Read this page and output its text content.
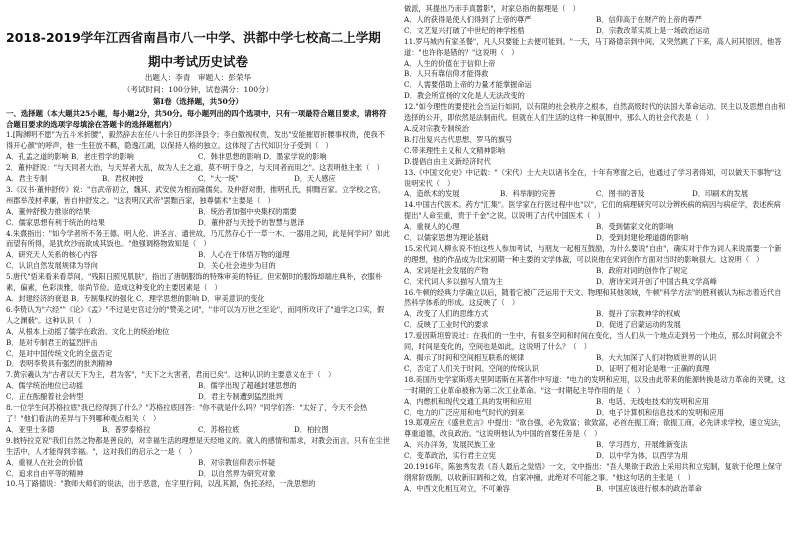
2018-2019学年江西省南昌市八一中学、洪都中学七校高二上学期
期中考试历史试卷
出题人：李青　审题人：彭荣华
（考试时间：100分钟，试卷满分：100分）
第Ⅰ卷（选择题，共50分）
一、选择题（本大题共25小题，每小题2分，共50分。每小题列出的四个选项中，只有一项最符合题目要求，请将符合题目要求的选项字母填涂在答题卡的选择题框内）

1.[陶渊明不愿"为五斗米折腰"，毅然辞去在任八十余日的彭泽县令；李白傲视权贵，发出"安能摧眉折腰事权贵，使我不得开心颜"的呼声，他一生狂放不羁，隐逸江湖，以保持人格的独立。这体现了古代知识分子受到（　）

A．孔孟之道的影响 B．老庄哲学的影响	C．韩非思想的影响 D．墨家学说的影响

2．董仲舒说："与天同者大治，与天异者大乱，故为人主之道，莫不明于身之，与天同者而用之"。这表明他主张（　）

A．君主专制	B．君权神授	C．"大一统"	D．天人感应

3.《汉书·董仲舒传》说："自武帝初立，魏其、武安侯为相而隆儒矣。及仲舒对册，推明孔氏，抑黜百家。立学校之官，州郡举茂材孝廉，皆自仲舒发之。"这表明汉武帝"罢黜百家，独尊儒术"主要是（　）

A．董仲舒极力推崇的结果	B．统治者加强中央集权的需要
C．儒家思想有利于统治的结果	D．董仲舒与天授予的智慧与恩泽

4.朱熹指出："如今学者所不务王德、明人伦、讲圣言、通世故，乃兀然存心于一草一木、一器用之间，此是何学问？如此而望有所得，是犹炊沙而欲成其饭也。"他强调格物致知是（　）

A．研究天人关系的核心内容	B．人心在于体悟万物的道理
C．认识自然发展规律为导向	D．关心社会进步为目的

5.唐代"悟来看来看草间，"残阳日照见肌肤"，指出了唐朝服饰的特殊审美的特征。但宋朝时的服饰却端庄典朴，衣服朴素，偏素，色彩淡雅，崇尚节俭。造成这种变化的主要因素是（　）

A．封建经济的衰退 B．专制集权的强化 C．理学思想的影响 D．审美意识的变化

6.李贽认为"六经""《论》《孟》"不过是史官过分的"赞美之词"，"非可以为万世之至论"，而同所攻讦了"道学之口实，假人之渊薮"。这种认识（　）

A．从根本上动摇了儒学在政治、文化上的统治地位
B．是对专制君王的猛烈抨击
C．是对中国传统文化的全盘否定
D．表明李贽具有强烈的批判精神

7.黄宗羲认为"古者以天下为主，君为客"，"天下之大害者，君而已矣"。这种认识的主要意义在于（　）

A．儒学统治地位已动摇	B．儒学出现了超越封建思想的
C．正在酝酿着社会转型	D．君主专制遭到猛烈批判

8.一位学生问苏格拉底"我已经得到了什么？"苏格拉底回答："你不就是什么吗？"同学们答："太好了，今天不会热了！"他们看法的差异与下列哪种观点相关（　）

A．亚里士多德	B．普罗泰格拉	C．苏格拉底	D．柏拉图

9.彼特拉克说"我们自然之物都是善良的，对幸福生活的理想是天经地义的。就人的感情和需求，对教会而言，只有在尘世生活中，人才能得到幸福。"，这对我们的启示之一是（　）

A．重视人在社会的价值	B．对宗教信仰表示怀疑
C．追求自由平等的精神	D．以自然界为研究对象

10.马丁路德说："教师大师们的说法，出于恶意，在字里行间，以乱其源，伪托圣经，一洗思想的

做派，其提出乃赤手真嚣影"，对家总指的据理是（　）

A．人的获得是使人们得到了上帝的尊严	B．信仰高于在财产的上帝的尊严
C．文艺复兴打破了中世纪的神学桎梏	D．宗教改革实质上是一场政治运动

11.罗马城内有家圣餐"，凡人只要能上去便可能到。"一天，马丁路德亲到中间，又突然跳了下来，高人问其原因，他答道："也许你是错的？"这说明（　）

A．人生的价值在于信仰上帝
B．人只有靠信仰才能得救
C．人需要借助上帝的力量才能掌握命运
D．教会所宣扬的文化是人无法改变的

12."如今理性的要使社会当运行如同，以有限的社会秩序之根本，自然高级时代的法国大革命运动、民主以及思想自由和选择的公开，即依然是法制而代。但就在人们生活的这样一种氛围中，那么人的社会代表是（　）

A.反对宗教专制统治
B.打出复兴古代思想、罗马的旗号
C.带来理性主义和人文精神影响
D.提倡自由主义新经济时代

13.《中国文化史》中记载："（宋代）士大夫以诸书全在，十年有寒窗之后，也通过了学习者得知，可以做天下事物"这说明宋代（　）

A．造纸术的发展	B．科举制的完善	C．图书的普及	D．印刷术的发展

14.中国古代医术。药方"汇集"。医学家在行医过程中也"以"，它们的病理研究可以分辨疾病的病因与病症学，表述疾病提出"人命至重，贵于千金"之说，以说明了古代中国医术（　）

A．重视人的心理	B．受到儒家文化的影响
C．以儒家思想为理论基础	D．受到封建伦理道德的影响

15.宋代词人柳永说不怕这些人参加考试，与朋友一起相互鼓励，为什么要说"自由"，确实对于作为词人来说需要一个新的理想，他的作品成为北宋初期一种主要的文学体裁，可以说他在宋词创作方面对当时的影响很大。这说明（　）

A．宋词是社会发展的产物	B．政府对词的创作作了规定
C．宋代词人多以描写人情为主	D．唐诗宋词开创了中国古典文学高峰

16.牛顿的经典力学确立以后，随着它被广泛运用于天文、物理和其他领域，牛顿"科学方法"的胜利被认为标志着近代自然科学体系的形成。这反映了（　）

A．改变了人们的思维方式	B．提升了宗教神学的权威
C．反映了工业时代的要求	D．促进了启蒙运动的发展

17.爱因斯坦曾说过：在我们的一生中，有很多空间和时间在变化，当人们从一个地点走到另一个地点，那么时间就会不同，时间是变化的，空间也是如此，这说明了什么？（　）

A．揭示了时间和空间相互联系的规律	B．大大加深了人们对物质世界的认识
C．否定了人们关于时间、空间的传统认识	D．证明了相对论是唯一正确的真理

18.美国历史学家斯塔夫里阿诺斯在其著作中写道："电力的发明和应用，以及由此带来的能源转换是动力革命的关键，这一时期的工业革命被称为第二次工业革命。"这一时期起主导作用的是（　）

A．内燃机和现代交通工具的发明和应用	B．电话、无线电技术的发明和应用
C．电力的广泛应用和电气时代的到来	D．电子计算机和信息技术的发明和应用

19.郑观应在《盛世危言》中提出："欲自强，必先致富；欲致富，必首在振工商；欲振工商，必先讲求学校，速立宪法，尊重道德，改良政治。"这说明他认为中国的首要任务是（　）

A．兴办洋务，发展民族工业	B．学习西方，开展维新变法
C．变革政治，实行君主立宪	D．以中学为体，以西学为用

20.1916年，陈独秀发表《吾人最后之觉悟》一文，文中指出："吾人果欲于政治上采用共和立宪制，复欲于伦理上保守纲常阶级制，以收新旧调和之效，自家冲撞，此绝对不可能之事。"他这句话的主张是（　）

A．中西文化相互对立，不可兼容	B．中国应该进行根本的政治革命
